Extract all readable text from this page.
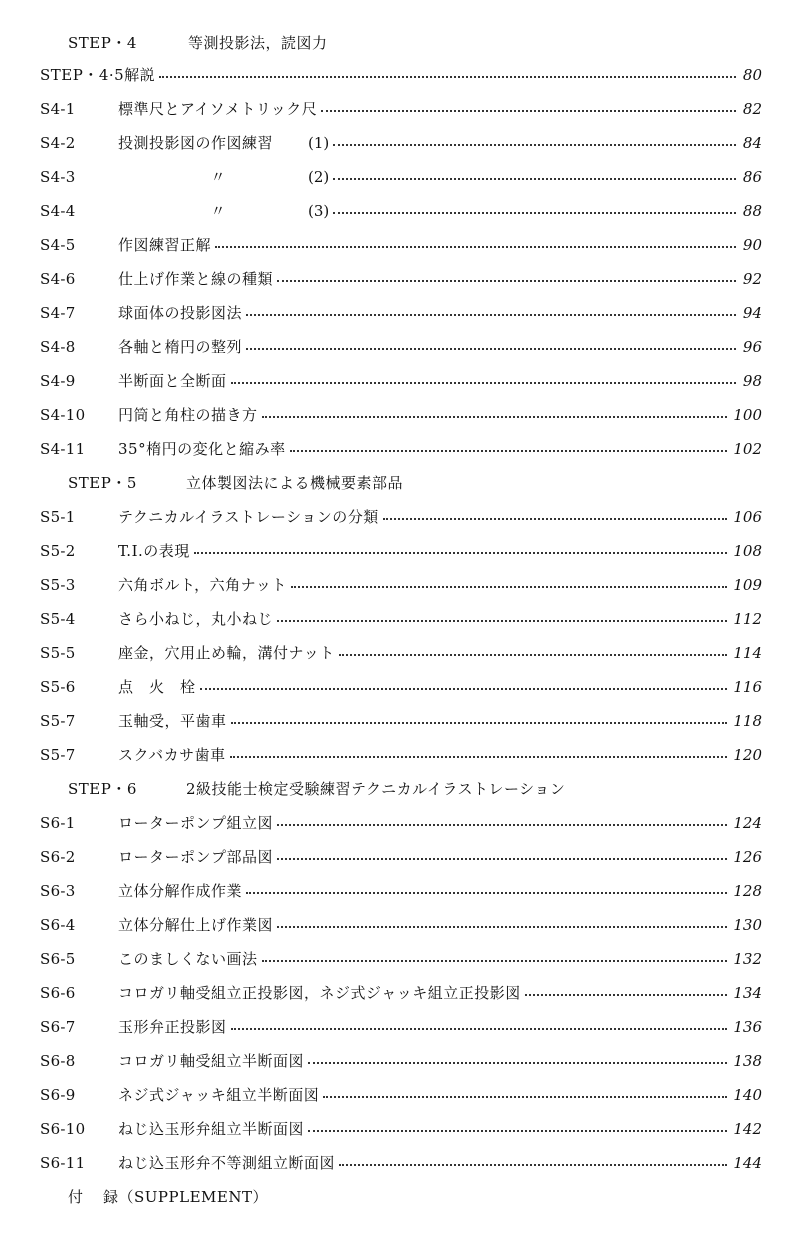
STEP・4	等測投影法，読図力
STEP・4·5解説	80
S4-1	標準尺とアイソメトリック尺	82
S4-2	投測投影図の作図練習	(1)	84
S4-3	〃	(2)	86
S4-4	〃	(3)	88
S4-5	作図練習正解	90
S4-6	仕上げ作業と線の種類	92
S4-7	球面体の投影図法	94
S4-8	各軸と楕円の整列	96
S4-9	半断面と全断面	98
S4-10 円筒と角柱の描き方	100
S4-11 35°楕円の変化と縮み率	102
STEP・5	立体製図法による機械要素部品
S5-1	テクニカルイラストレーションの分類	106
S5-2	T.I.の表現	108
S5-3	六角ボルト，六角ナット	109
S5-4	さら小ねじ，丸小ねじ	112
S5-5	座金，穴用止め輪，溝付ナット	114
S5-6	点　火　栓	116
S5-7	玉軸受，平歯車	118
S5-7	スクバカサ歯車	120
STEP・6	2級技能士検定受験練習テクニカルイラストレーション
S6-1	ローターポンプ組立図	124
S6-2	ローターポンプ部品図	126
S6-3	立体分解作成作業	128
S6-4	立体分解仕上げ作業図	130
S6-5	このましくない画法	132
S6-6	コロガリ軸受組立正投影図，ネジ式ジャッキ組立正投影図	134
S6-7	玉形弁正投影図	136
S6-8	コロガリ軸受組立半断面図	138
S6-9	ネジ式ジャッキ組立半断面図	140
S6-10 ねじ込玉形弁組立半断面図	142
S6-11 ねじ込玉形弁不等測組立断面図	144
付 録（SUPPLEMENT）
